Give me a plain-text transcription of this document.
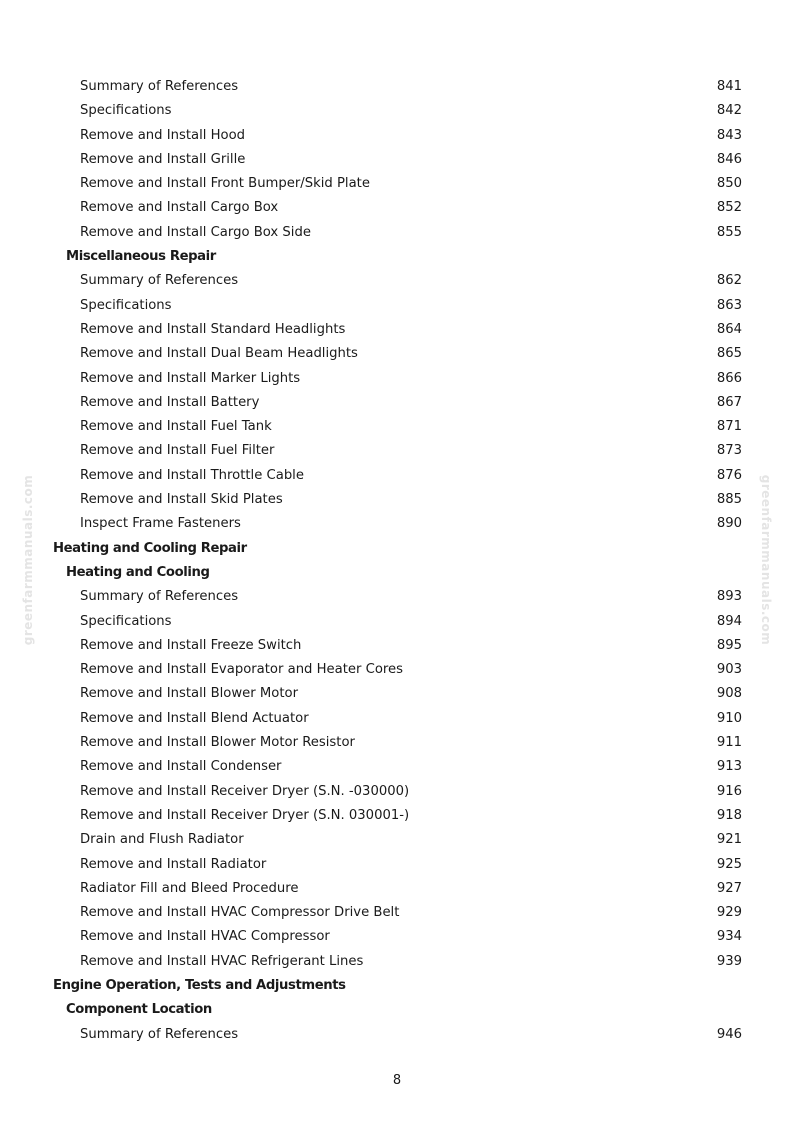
greenfarmmanuals.com	greenfarmmanuals.com
Summary of References	841
Specifications	842
Remove and Install Hood	843
Remove and Install Grille	846
Remove and Install Front Bumper/Skid Plate	850
Remove and Install Cargo Box	852
Remove and Install Cargo Box Side	855
Miscellaneous Repair
Summary of References	862
Specifications	863
Remove and Install Standard Headlights	864
Remove and Install Dual Beam Headlights	865
Remove and Install Marker Lights	866
Remove and Install Battery	867
Remove and Install Fuel Tank	871
Remove and Install Fuel Filter	873
Remove and Install Throttle Cable	876
Remove and Install Skid Plates	885
Inspect Frame Fasteners	890
Heating and Cooling Repair
Heating and Cooling
Summary of References	893
Specifications	894
Remove and Install Freeze Switch	895
Remove and Install Evaporator and Heater Cores	903
Remove and Install Blower Motor	908
Remove and Install Blend Actuator	910
Remove and Install Blower Motor Resistor	911
Remove and Install Condenser	913
Remove and Install Receiver Dryer (S.N. -030000)	916
Remove and Install Receiver Dryer (S.N. 030001-)	918
Drain and Flush Radiator	921
Remove and Install Radiator	925
Radiator Fill and Bleed Procedure	927
Remove and Install HVAC Compressor Drive Belt	929
Remove and Install HVAC Compressor	934
Remove and Install HVAC Refrigerant Lines	939
Engine Operation, Tests and Adjustments
Component Location
Summary of References	946
8
